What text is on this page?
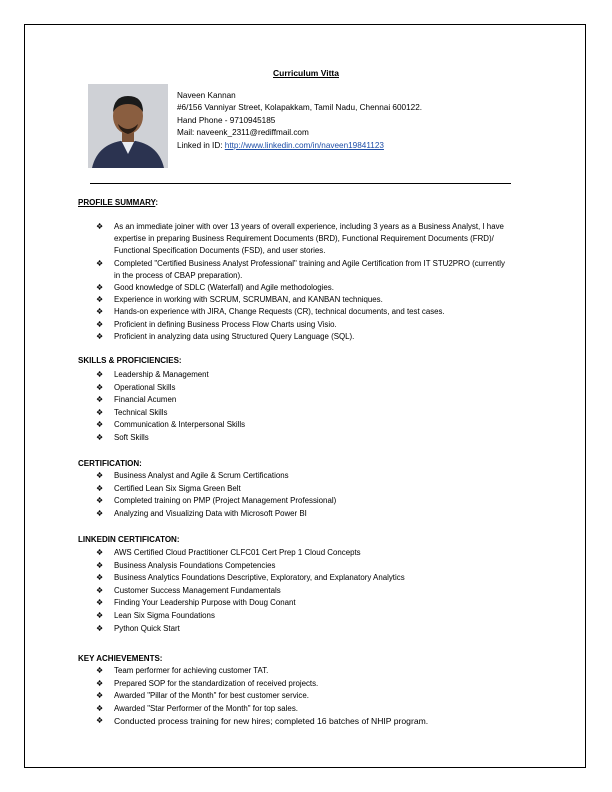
Curriculum Vitta
Naveen Kannan
#6/156 Vanniyar Street, Kolapakkam, Tamil Nadu, Chennai 600122.
Hand Phone - 9710945185
Mail: naveenk_2311@rediffmail.com
Linked in ID: http://www.linkedin.com/in/naveen19841123
PROFILE SUMMARY:
❖ As an immediate joiner with over 13 years of overall experience, including 3 years as a Business Analyst, I have expertise in preparing Business Requirement Documents (BRD), Functional Requirement Documents (FRD)/ Functional Specification Documents (FSD), and user stories.
❖ Completed "Certified Business Analyst Professional" training and Agile Certification from IT STU2PRO (currently in the process of CBAP preparation).
❖ Good knowledge of SDLC (Waterfall) and Agile methodologies.
❖ Experience in working with SCRUM, SCRUMBAN, and KANBAN techniques.
❖ Hands-on experience with JIRA, Change Requests (CR), technical documents, and test cases.
❖ Proficient in defining Business Process Flow Charts using Visio.
❖ Proficient in analyzing data using Structured Query Language (SQL).
SKILLS & PROFICIENCIES:
❖ Leadership & Management
❖ Operational Skills
❖ Financial Acumen
❖ Technical Skills
❖ Communication & Interpersonal Skills
❖ Soft Skills
CERTIFICATION:
❖ Business Analyst and Agile & Scrum Certifications
❖ Certified Lean Six Sigma Green Belt
❖ Completed training on PMP (Project Management Professional)
❖ Analyzing and Visualizing Data with Microsoft Power BI
LINKEDIN CERTIFICATON:
❖ AWS Certified Cloud Practitioner CLFC01 Cert Prep 1 Cloud Concepts
❖ Business Analysis Foundations Competencies
❖ Business Analytics Foundations Descriptive, Exploratory, and Explanatory Analytics
❖ Customer Success Management Fundamentals
❖ Finding Your Leadership Purpose with Doug Conant
❖ Lean Six Sigma Foundations
❖ Python Quick Start
KEY ACHIEVEMENTS:
❖ Team performer for achieving customer TAT.
❖ Prepared SOP for the standardization of received projects.
❖ Awarded "Pillar of the Month" for best customer service.
❖ Awarded "Star Performer of the Month" for top sales.
❖ Conducted process training for new hires; completed 16 batches of NHIP program.
